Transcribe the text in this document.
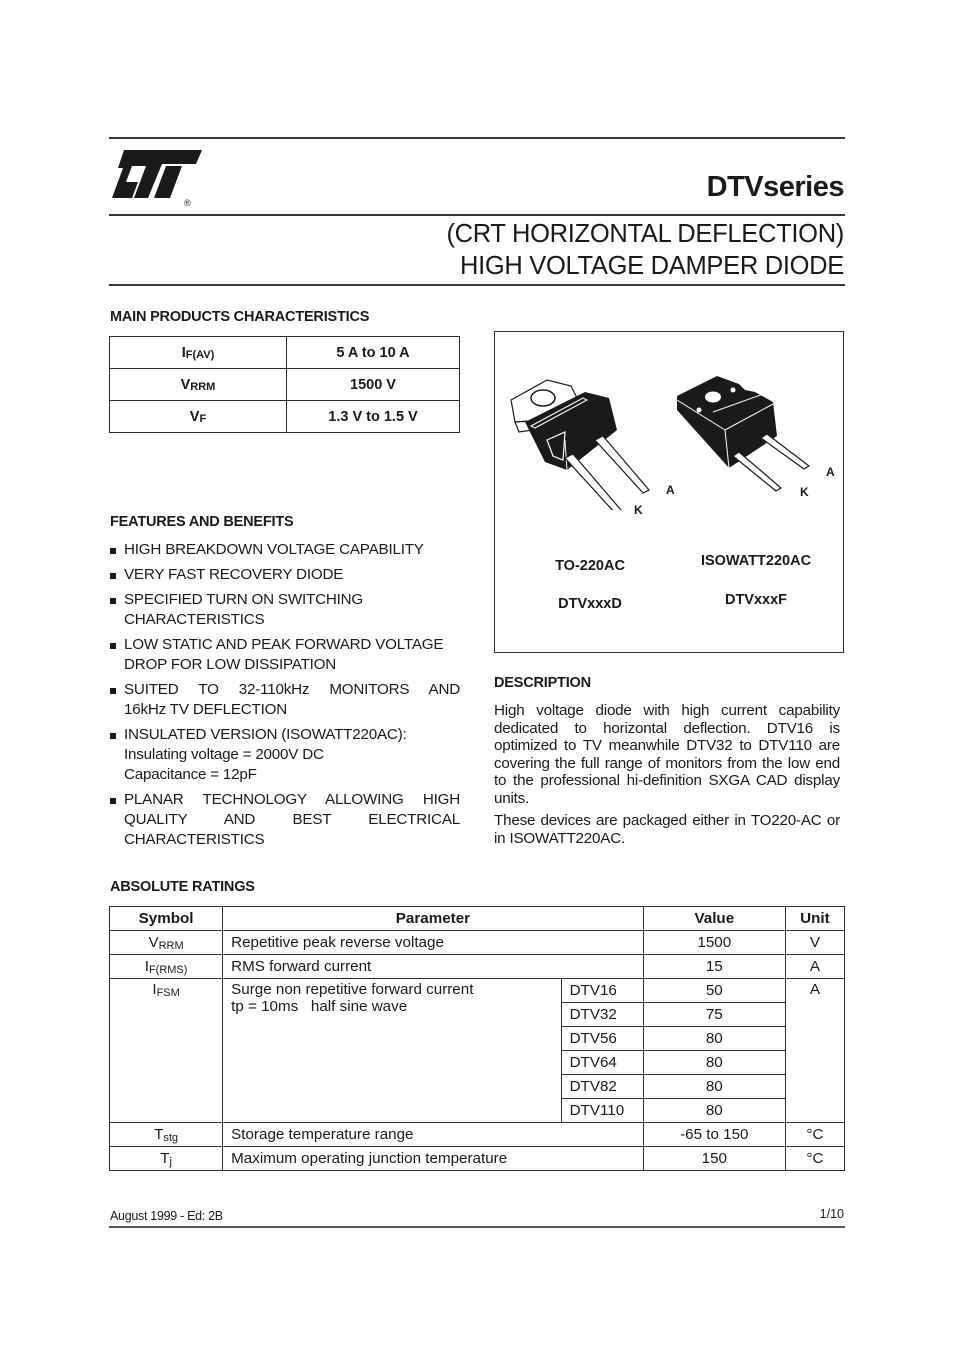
®	DTVseries
(CRT HORIZONTAL DEFLECTION)
HIGH VOLTAGE DAMPER DIODE
MAIN PRODUCTS CHARACTERISTICS
$I_{F(AV)}$	5 A to 10 A
$V_{RRM}$	1500 V
$V_F$	1.3 V to 1.5 V
K
A	K
A
TO-220AC
DTVxxxD
ISOWATT220AC
DTVxxxF
FEATURES AND BENEFITS
HIGH BREAKDOWN VOLTAGE CAPABILITY
VERY FAST RECOVERY DIODE
SPECIFIED TURN ON SWITCHING
CHARACTERISTICS
LOW STATIC AND PEAK FORWARD VOLTAGE
DROP FOR LOW DISSIPATION
SUITED TO 32-110kHz MONITORS AND
16kHz TV DEFLECTION
INSULATED VERSION (ISOWATT220AC):
Insulating voltage = 2000V DC
Capacitance = 12pF
PLANAR TECHNOLOGY ALLOWING HIGH
QUALITY AND BEST ELECTRICAL
CHARACTERISTICS
DESCRIPTION

High voltage diode with high current capability dedicated to horizontal deflection. DTV16 is optimized to TV meanwhile DTV32 to DTV110 are covering the full range of monitors from the low end to the professional hi-definition SXGA CAD display units.

These devices are packaged either in TO220-AC or in ISOWATT220AC.

ABSOLUTE RATINGS
Symbol	Parameter		Value	Unit
$V_{RRM}$	Repetitive peak reverse voltage		1500	V
$I_{F(RMS)}$	RMS forward current		15	A
$I_{FSM}$	Surge non repetitive forward current
tp = 10ms   half sine wave	DTV16	50	A
		DTV32	75	
		DTV56	80	
		DTV64	80	
		DTV82	80	
		DTV110	80	
$T_{stg}$	Storage temperature range		-65 to 150	°C
$T_j$	Maximum operating junction temperature		150	°C
August 1999 - Ed: 2B	1/10
